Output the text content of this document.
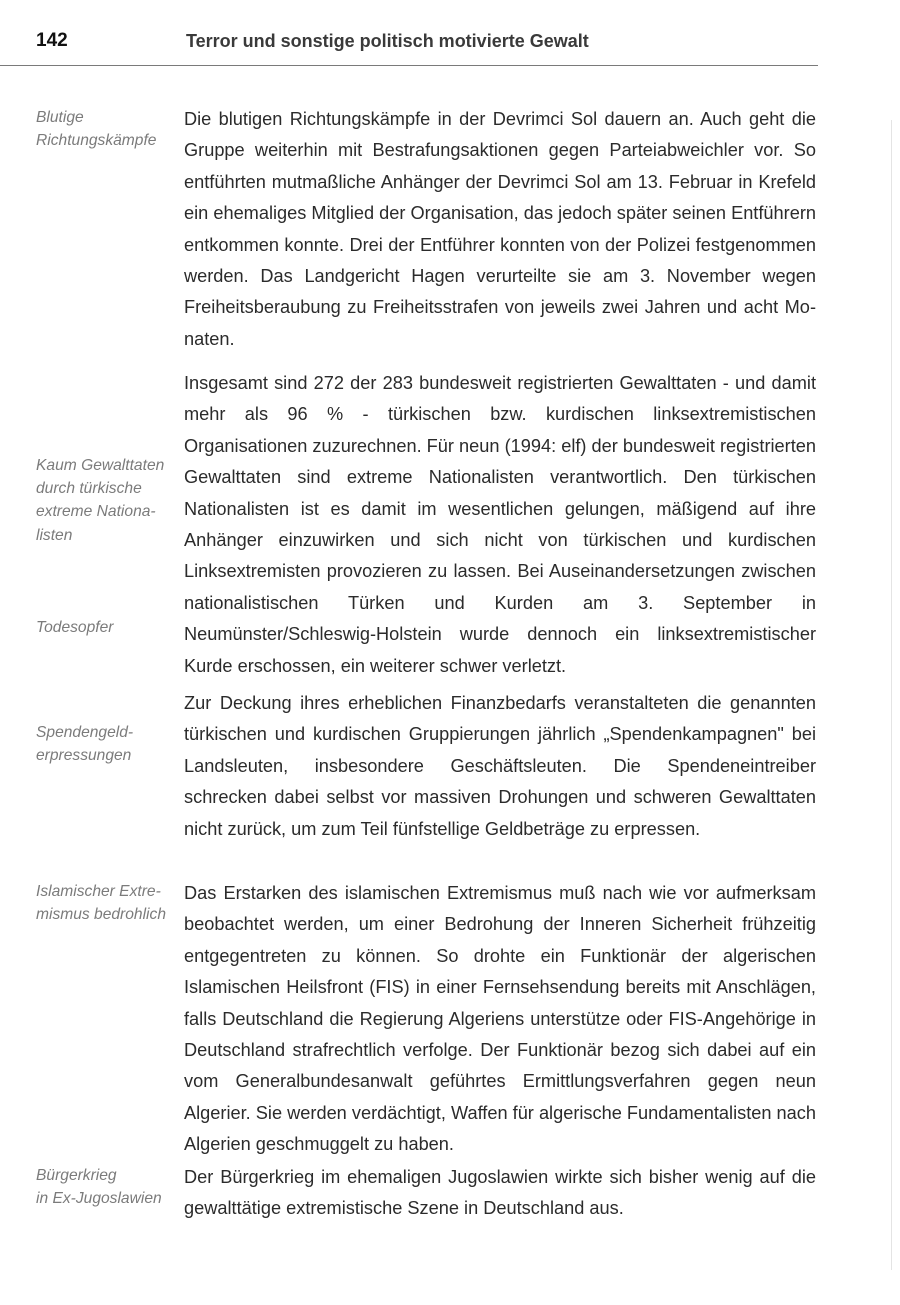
142	Terror und sonstige politisch motivierte Gewalt

Blutige
Richtungskämpfe

Die blutigen Richtungskämpfe in der Devrimci Sol dauern an. Auch geht die Gruppe weiterhin mit Bestrafungsaktionen gegen Parteiabweichler vor. So entführten mutmaßliche Anhänger der Devrimci Sol am 13. Februar in Krefeld ein ehemaliges Mitglied der Organisation, das jedoch später seinen Entführern entkommen konnte. Drei der Entführer konnten von der Polizei festgenommen werden. Das Landgericht Hagen verurteilte sie am 3. November wegen Freiheitsberaubung zu Freiheitsstrafen von jeweils zwei Jahren und acht Monaten.

Kaum Gewalttaten
durch türkische
extreme Nationa-
listen

Todesopfer

Insgesamt sind 272 der 283 bundesweit registrierten Gewalttaten - und damit mehr als 96 % - türkischen bzw. kurdischen linksextremistischen Organisationen zuzurechnen. Für neun (1994: elf) der bundesweit registrierten Gewalttaten sind extreme Nationalisten verantwortlich. Den türkischen Nationalisten ist es damit im wesentlichen gelungen, mäßigend auf ihre Anhänger einzuwirken und sich nicht von türkischen und kurdischen Linksextremisten provozieren zu lassen. Bei Auseinandersetzungen zwischen nationalistischen Türken und Kurden am 3. September in Neumünster/Schleswig-Holstein wurde dennoch ein linksextremistischer Kurde erschossen, ein weiterer schwer verletzt.

Spendengeld-
erpressungen

Zur Deckung ihres erheblichen Finanzbedarfs veranstalteten die genannten türkischen und kurdischen Gruppierungen jährlich „Spendenkampagnen" bei Landsleuten, insbesondere Geschäftsleuten. Die Spendeneintreiber schrecken dabei selbst vor massiven Drohungen und schweren Gewalttaten nicht zurück, um zum Teil fünfstellige Geldbeträge zu erpressen.

Islamischer Extre-
mismus bedrohlich

Das Erstarken des islamischen Extremismus muß nach wie vor aufmerksam beobachtet werden, um einer Bedrohung der Inneren Sicherheit frühzeitig entgegentreten zu können. So drohte ein Funktionär der algerischen Islamischen Heilsfront (FIS) in einer Fernsehsendung bereits mit Anschlägen, falls Deutschland die Regierung Algeriens unterstütze oder FIS-Angehörige in Deutschland strafrechtlich verfolge. Der Funktionär bezog sich dabei auf ein vom Generalbundesanwalt geführtes Ermittlungsverfahren gegen neun Algerier. Sie werden verdächtigt, Waffen für algerische Fundamentalisten nach Algerien geschmuggelt zu haben.

Bürgerkrieg
in Ex-Jugoslawien

Der Bürgerkrieg im ehemaligen Jugoslawien wirkte sich bisher wenig auf die gewalttätige extremistische Szene in Deutschland aus.
